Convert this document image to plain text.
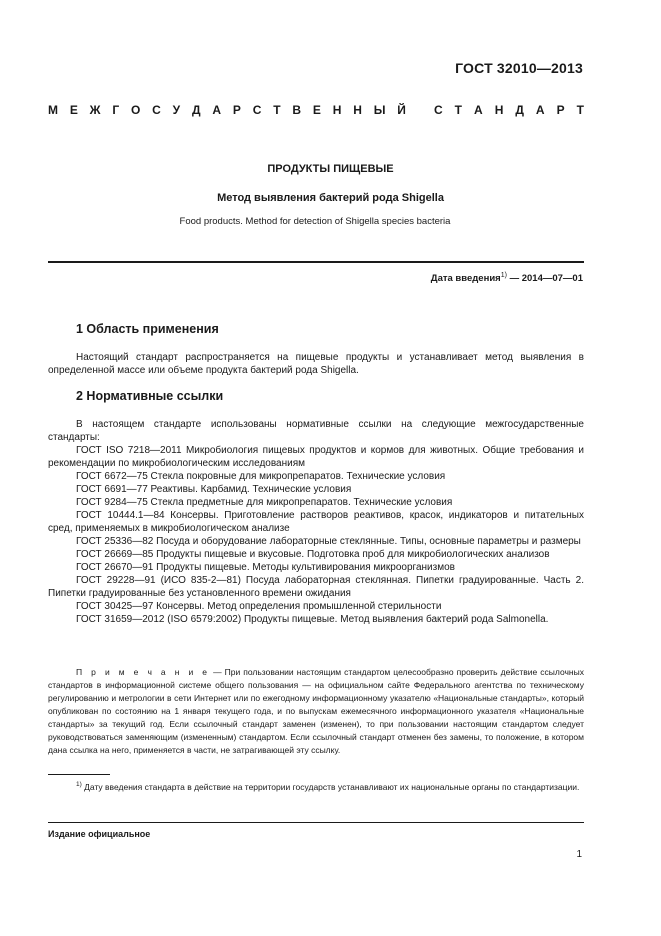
ГОСТ 32010—2013
М Е Ж Г О С У Д А Р С Т В Е Н Н Ы Й С Т А Н Д А Р Т
ПРОДУКТЫ ПИЩЕВЫЕ
Метод выявления бактерий рода Shigella
Food products. Method for detection of Shigella species bacteria
Дата введения$^{1)}$ — 2014—07—01
1 Область применения
Настоящий стандарт распространяется на пищевые продукты и устанавливает метод выявления в определенной массе или объеме продукта бактерий рода Shigella.
2 Нормативные ссылки

В настоящем стандарте использованы нормативные ссылки на следующие межгосударственные стандарты:

ГОСТ ISO 7218—2011 Микробиология пищевых продуктов и кормов для животных. Общие требования и рекомендации по микробиологическим исследованиям

ГОСТ 6672—75 Стекла покровные для микропрепаратов. Технические условия

ГОСТ 6691—77 Реактивы. Карбамид. Технические условия

ГОСТ 9284—75 Стекла предметные для микропрепаратов. Технические условия

ГОСТ 10444.1—84 Консервы. Приготовление растворов реактивов, красок, индикаторов и питательных сред, применяемых в микробиологическом анализе

ГОСТ 25336—82 Посуда и оборудование лабораторные стеклянные. Типы, основные параметры и размеры

ГОСТ 26669—85 Продукты пищевые и вкусовые. Подготовка проб для микробиологических анализов

ГОСТ 26670—91 Продукты пищевые. Методы культивирования микроорганизмов

ГОСТ 29228—91 (ИСО 835-2—81) Посуда лабораторная стеклянная. Пипетки градуированные. Часть 2. Пипетки градуированные без установленного времени ожидания

ГОСТ 30425—97 Консервы. Метод определения промышленной стерильности

ГОСТ 31659—2012 (ISO 6579:2002) Продукты пищевые. Метод выявления бактерий рода Salmonella.

П р и м е ч а н и е — При пользовании настоящим стандартом целесообразно проверить действие ссылочных стандартов в информационной системе общего пользования — на официальном сайте Федерального агентства по техническому регулированию и метрологии в сети Интернет или по ежегодному информационному указателю «Национальные стандарты», который опубликован по состоянию на 1 января текущего года, и по выпускам ежемесячного информационного указателя «Национальные стандарты» за текущий год. Если ссылочный стандарт заменен (изменен), то при пользовании настоящим стандартом следует руководствоваться заменяющим (измененным) стандартом. Если ссылочный стандарт отменен без замены, то положение, в котором дана ссылка на него, применяется в части, не затрагивающей эту ссылку.
$^{1)}$ Дату введения стандарта в действие на территории государств устанавливают их национальные органы по стандартизации.
Издание официальное
1
